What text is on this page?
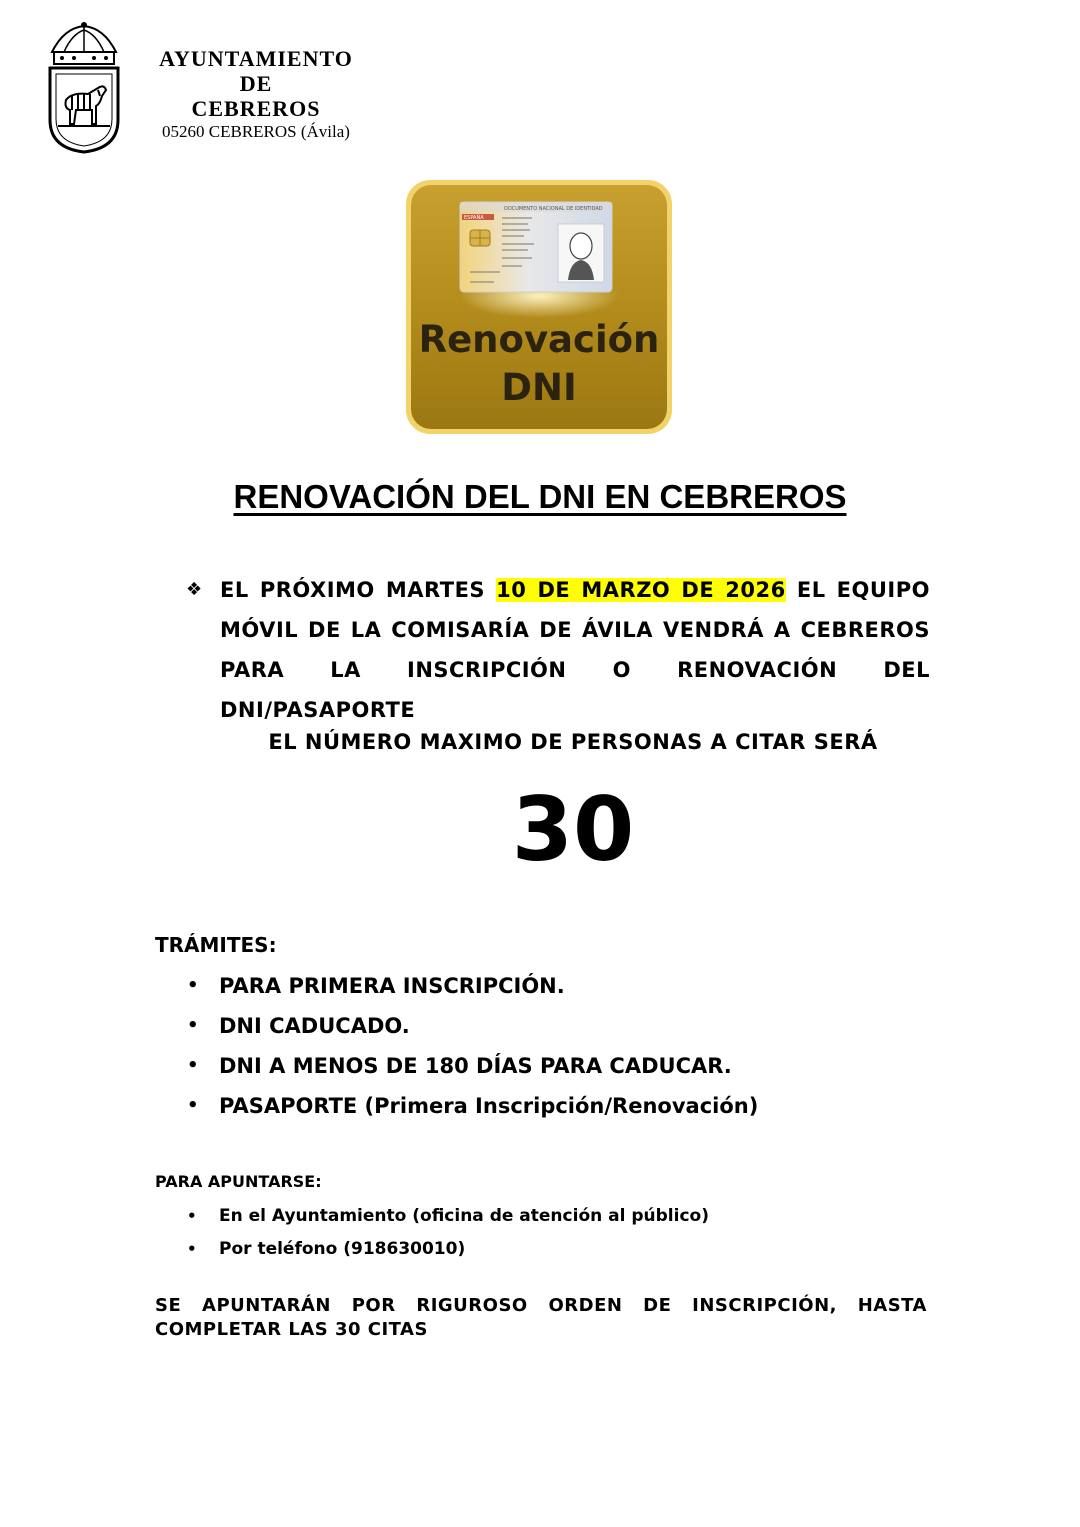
AYUNTAMIENTO
DE
CEBREROS
05260 CEBREROS (Ávila)
DOCUMENTO NACIONAL DE IDENTIDAD
ESPAÑA
Renovación
DNI
RENOVACIÓN DEL DNI EN CEBREROS
❖ EL PRÓXIMO MARTES 10 DE MARZO DE 2026 EL EQUIPO MÓVIL DE LA COMISARÍA DE ÁVILA VENDRÁ A CEBREROS PARA LA INSCRIPCIÓN O RENOVACIÓN DEL DNI/PASAPORTE

EL NÚMERO MAXIMO DE PERSONAS A CITAR SERÁ
30
TRÁMITES:
• PARA PRIMERA INSCRIPCIÓN.
• DNI CADUCADO.
• DNI A MENOS DE 180 DÍAS PARA CADUCAR.
• PASAPORTE (Primera Inscripción/Renovación)
PARA APUNTARSE:
• En el Ayuntamiento (oficina de atención al público)
• Por teléfono (918630010)

SE APUNTARÁN POR RIGUROSO ORDEN DE INSCRIPCIÓN, HASTA COMPLETAR LAS 30 CITAS
